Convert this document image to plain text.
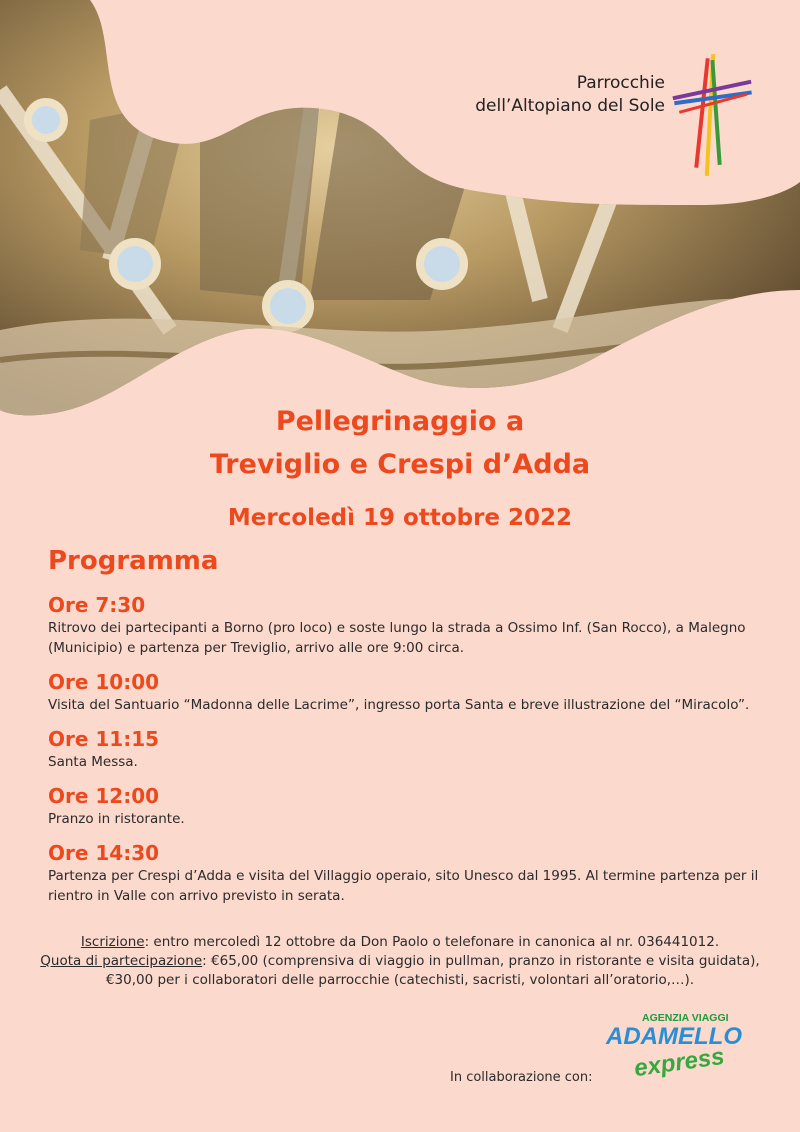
Parrocchie
dell’Altopiano del Sole
Pellegrinaggio a
Treviglio e Crespi d’Adda
Mercoledì 19 ottobre 2022
Programma
Ore 7:30
Ritrovo dei partecipanti a Borno (pro loco) e soste lungo la strada a Ossimo Inf. (San Rocco), a Malegno (Municipio) e partenza per Treviglio, arrivo alle ore 9:00 circa.
Ore 10:00
Visita del Santuario “Madonna delle Lacrime”, ingresso porta Santa e breve illustrazione del “Miracolo”.
Ore 11:15
Santa Messa.
Ore 12:00
Pranzo in ristorante.
Ore 14:30
Partenza per Crespi d’Adda e visita del Villaggio operaio, sito Unesco dal 1995. Al termine partenza per il rientro in Valle con arrivo previsto in serata.
Iscrizione: entro mercoledì 12 ottobre da Don Paolo o telefonare in canonica al nr. 036441012.
Quota di partecipazione: €65,00 (comprensiva di viaggio in pullman, pranzo in ristorante e visita guidata), €30,00 per i collaboratori delle parrocchie (catechisti, sacristi, volontari all’oratorio,…).
In collaborazione con:
AGENZIA VIAGGI
ADAMELLO
express
